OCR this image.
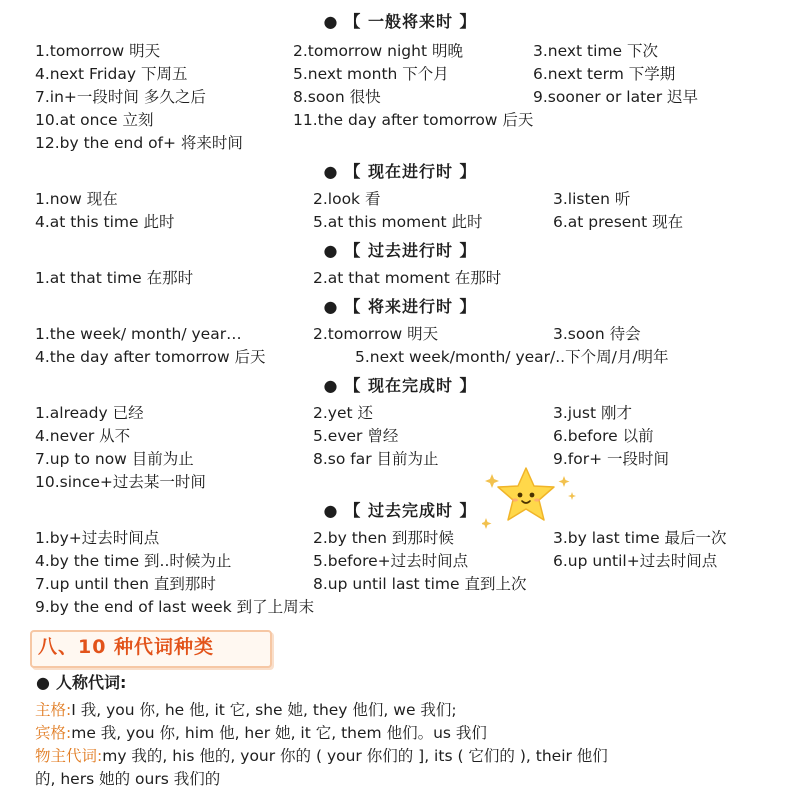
● 【 一般将来时 】
1.tomorrow 明天	2.tomorrow night 明晚	3.next time 下次
4.next Friday 下周五	5.next month 下个月	6.next term 下学期
7.in+一段时间 多久之后	8.soon 很快	9.sooner or later 迟早
10.at once 立刻	11.the day after tomorrow 后天
12.by the end of+ 将来时间
● 【 现在进行时 】
1.now 现在	2.look 看	3.listen 听
4.at this time 此时	5.at this moment 此时	6.at present 现在
● 【 过去进行时 】
1.at that time 在那时	2.at that moment 在那时
● 【 将来进行时 】
1.the week/ month/ year…	2.tomorrow 明天	3.soon 待会
4.the day after tomorrow 后天	5.next week/month/ year/..下个周/月/明年
● 【 现在完成时 】
1.already 已经	2.yet 还	3.just 刚才
4.never 从不	5.ever 曾经	6.before 以前
7.up to now 目前为止	8.so far 目前为止	9.for+ 一段时间
10.since+过去某一时间
● 【 过去完成时 】
1.by+过去时间点	2.by then 到那时候	3.by last time 最后一次
4.by the time 到..时候为止	5.before+过去时间点	6.up until+过去时间点
7.up until then 直到那时	8.up until last time 直到上次
9.by the end of last week 到了上周末
八、10 种代词种类
● 人称代词:
主格:I 我, you 你, he 他, it 它, she 她, they 他们, we 我们;
宾格:me 我, you 你, him 他, her 她, it 它, them 他们。us 我们
物主代词:my 我的, his 他的, your 你的 ( your 你们的 ], its ( 它们的 ), their 他们
的, hers 她的 ours 我们的
